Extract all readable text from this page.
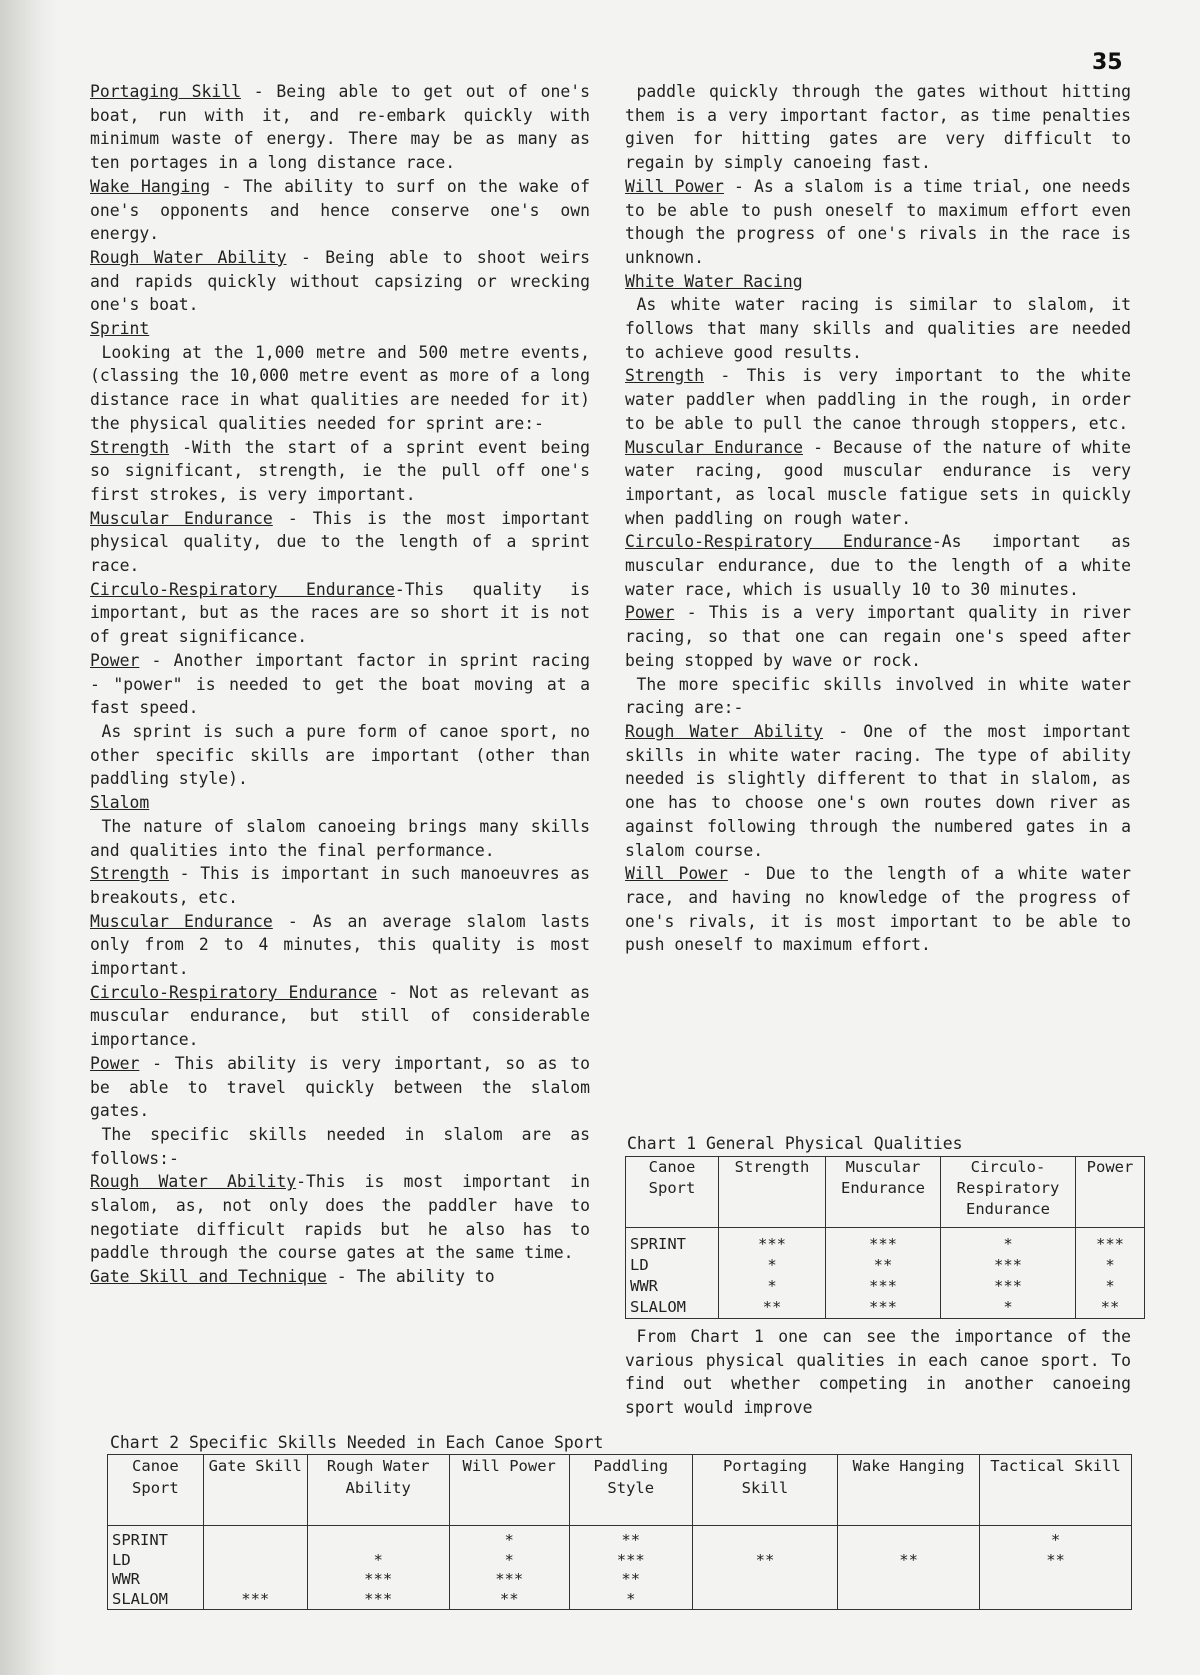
35

Portaging Skill - Being able to get out of one's boat, run with it, and re-embark quickly with minimum waste of energy. There may be as many as ten portages in a long distance race.

Wake Hanging - The ability to surf on the wake of one's opponents and hence conserve one's own energy.

Rough Water Ability - Being able to shoot weirs and rapids quickly without capsizing or wrecking one's boat.

Sprint

Looking at the 1,000 metre and 500 metre events, (classing the 10,000 metre event as more of a long distance race in what qualities are needed for it) the physical qualities needed for sprint are:-

Strength -With the start of a sprint event being so significant, strength, ie the pull off one's first strokes, is very important.

Muscular Endurance - This is the most important physical quality, due to the length of a sprint race.

Circulo-Respiratory Endurance-This quality is important, but as the races are so short it is not of great significance.

Power - Another important factor in sprint racing - "power" is needed to get the boat moving at a fast speed.

As sprint is such a pure form of canoe sport, no other specific skills are important (other than paddling style).

Slalom

The nature of slalom canoeing brings many skills and qualities into the final performance.

Strength - This is important in such manoeuvres as breakouts, etc.

Muscular Endurance - As an average slalom lasts only from 2 to 4 minutes, this quality is most important.

Circulo-Respiratory Endurance - Not as relevant as muscular endurance, but still of considerable importance.

Power - This ability is very important, so as to be able to travel quickly between the slalom gates.

The specific skills needed in slalom are as follows:-

Rough Water Ability-This is most important in slalom, as, not only does the paddler have to negotiate difficult rapids but he also has to paddle through the course gates at the same time.

Gate Skill and Technique - The ability to

paddle quickly through the gates without hitting them is a very important factor, as time penalties given for hitting gates are very difficult to regain by simply canoeing fast.

Will Power - As a slalom is a time trial, one needs to be able to push oneself to maximum effort even though the progress of one's rivals in the race is unknown.

White Water Racing

As white water racing is similar to slalom, it follows that many skills and qualities are needed to achieve good results.

Strength - This is very important to the white water paddler when paddling in the rough, in order to be able to pull the canoe through stoppers, etc.

Muscular Endurance - Because of the nature of white water racing, good muscular endurance is very important, as local muscle fatigue sets in quickly when paddling on rough water.

Circulo-Respiratory Endurance-As important as muscular endurance, due to the length of a white water race, which is usually 10 to 30 minutes.

Power - This is a very important quality in river racing, so that one can regain one's speed after being stopped by wave or rock.

The more specific skills involved in white water racing are:-

Rough Water Ability - One of the most important skills in white water racing. The type of ability needed is slightly different to that in slalom, as one has to choose one's own routes down river as against following through the numbered gates in a slalom course.

Will Power - Due to the length of a white water race, and having no knowledge of the progress of one's rivals, it is most important to be able to push oneself to maximum effort.

Chart 1 General Physical Qualities
Canoe Sport	Strength	Muscular Endurance	Circulo-Respiratory Endurance	Power
SPRINT	***	***	*	***
LD	*	**	***	*
WWR	*	***	***	*
SLALOM	**	***	*	**

From Chart 1 one can see the importance of the various physical qualities in each canoe sport. To find out whether competing in another canoeing sport would improve

Chart 2 Specific Skills Needed in Each Canoe Sport
Canoe Sport	Gate Skill	Rough Water Ability	Will Power	Paddling Style	Portaging Skill	Wake Hanging	Tactical Skill
SPRINT			*	**			*
LD		*	*	***	**	**	**
WWR		***	***	**			
SLALOM	***	***	**	*			
